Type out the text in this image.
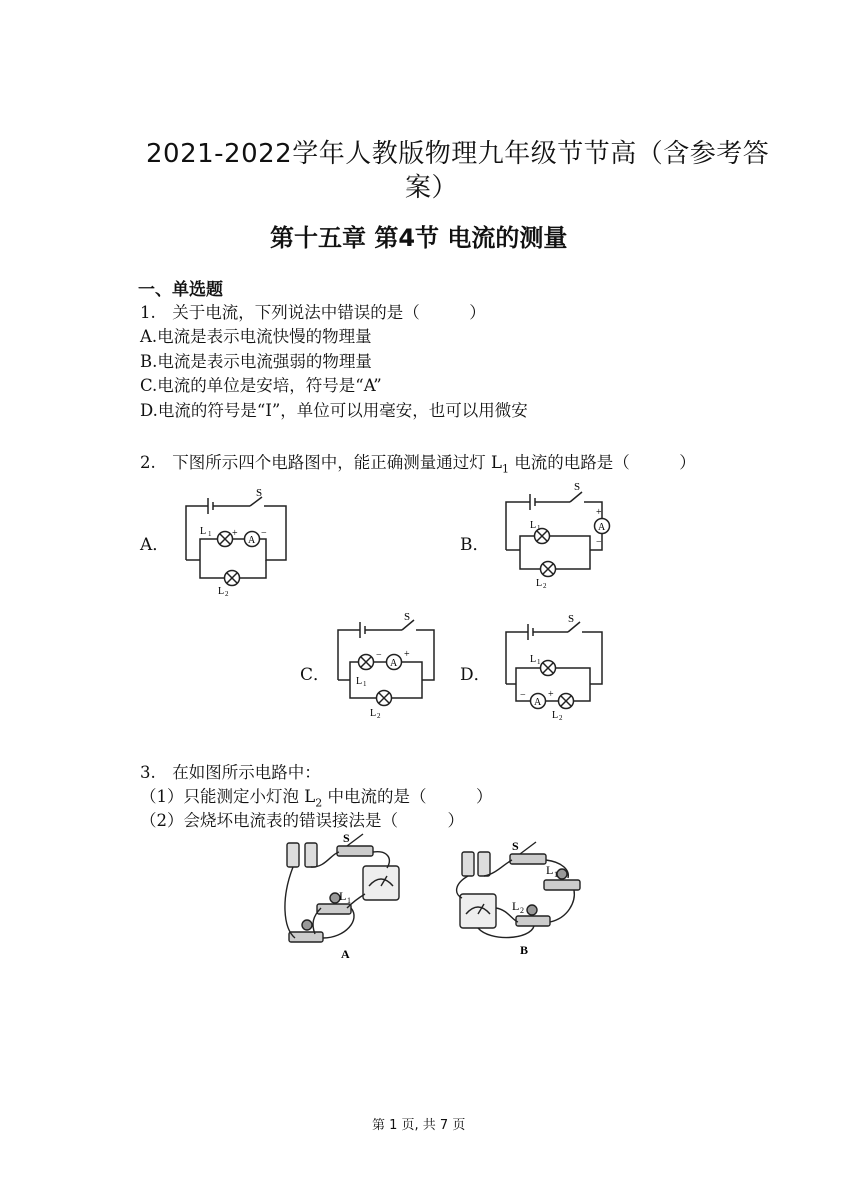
2021-2022学年人教版物理九年级节节高（含参考答
案）
第十五章 第4节 电流的测量
一、单选题
1.　关于电流，下列说法中错误的是（　　　）
A.电流是表示电流快慢的物理量
B.电流是表示电流强弱的物理量
C.电流的单位是安培，符号是“A”
D.电流的符号是“I”，单位可以用毫安，也可以用微安
2.　下图所示四个电路图中，能正确测量通过灯 $L_1$ 电流的电路是（　　　）
A．	B．
C．	D．
S
L 1 +
A
−
L 2
S
L 1	A
+
−
L 2
S
−
A
+
L 1
L 2
S
L 1
−
A
+
L 2
3.　在如图所示电路中：
（1）只能测定小灯泡 $L_2$ 中电流的是（　　　）
（2）会烧坏电流表的错误接法是（　　　）
S
L 1
A
S
L 1
L 2
B
第 1 页, 共 7 页
